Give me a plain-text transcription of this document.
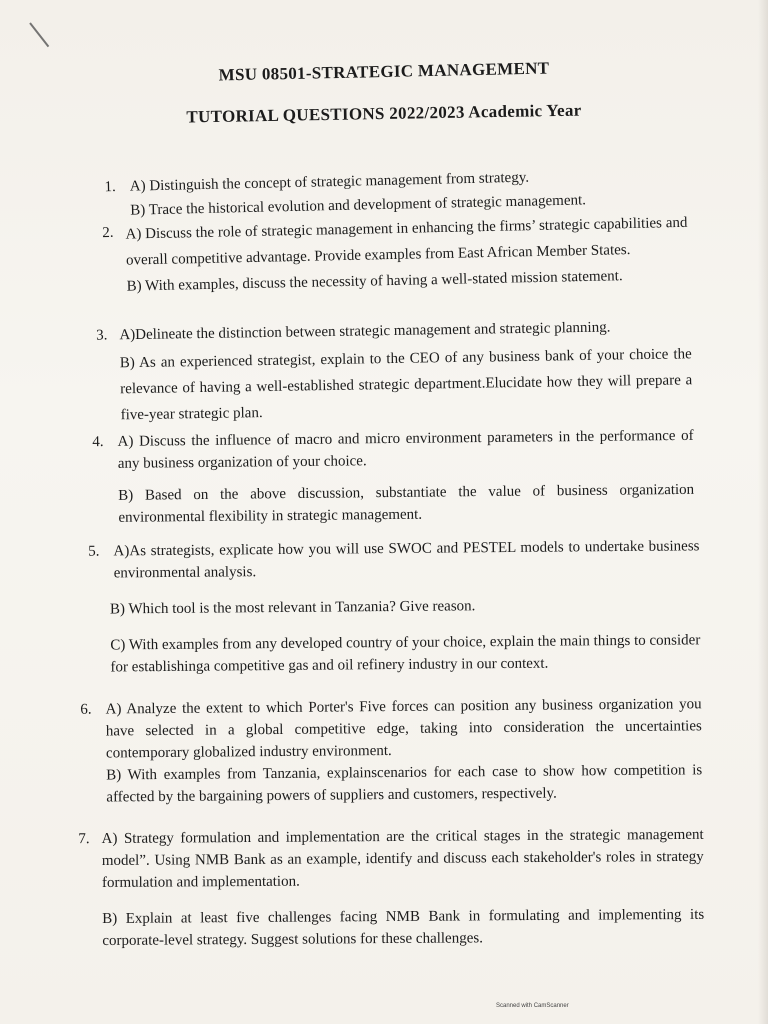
MSU 08501-STRATEGIC MANAGEMENT
TUTORIAL QUESTIONS 2022/2023 Academic Year
1. A) Distinguish the concept of strategic management from strategy.
B) Trace the historical evolution and development of strategic management.
2. A) Discuss the role of strategic management in enhancing the firms’ strategic capabilities and overall competitive advantage. Provide examples from East African Member States.
B) With examples, discuss the necessity of having a well-stated mission statement.
3. A)Delineate the distinction between strategic management and strategic planning.
B) As an experienced strategist, explain to the CEO of any business bank of your choice the relevance of having a well-established strategic department.Elucidate how they will prepare a five-year strategic plan.
4. A) Discuss the influence of macro and micro environment parameters in the performance of any business organization of your choice.
B) Based on the above discussion, substantiate the value of business organization environmental flexibility in strategic management.
5. A)As strategists, explicate how you will use SWOC and PESTEL models to undertake business environmental analysis.
B) Which tool is the most relevant in Tanzania? Give reason.
C) With examples from any developed country of your choice, explain the main things to consider for establishinga competitive gas and oil refinery industry in our context.
6. A) Analyze the extent to which Porter's Five forces can position any business organization you have selected in a global competitive edge, taking into consideration the uncertainties contemporary globalized industry environment.
B) With examples from Tanzania, explainscenarios for each case to show how competition is affected by the bargaining powers of suppliers and customers, respectively.
7. A) Strategy formulation and implementation are the critical stages in the strategic management model”. Using NMB Bank as an example, identify and discuss each stakeholder's roles in strategy formulation and implementation.
B) Explain at least five challenges facing NMB Bank in formulating and implementing its corporate-level strategy. Suggest solutions for these challenges.
Scanned with CamScanner
